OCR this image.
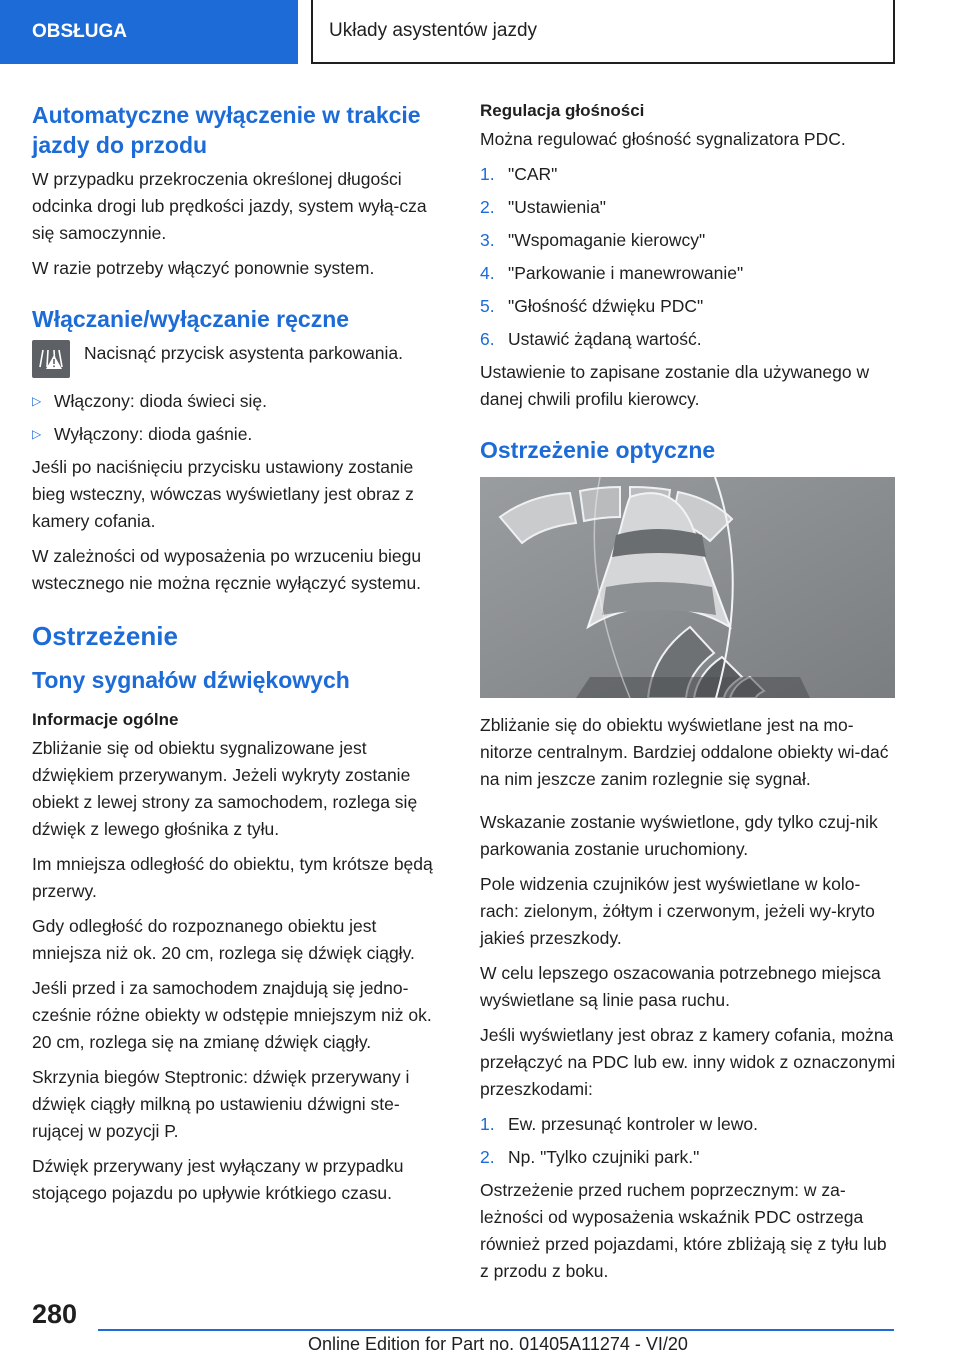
OBSŁUGA	Układy asystentów jazdy
Automatyczne wyłączenie w trakcie jazdy do przodu

W przypadku przekroczenia określonej długości odcinka drogi lub prędkości jazdy, system wyłą‐cza się samoczynnie.

W razie potrzeby włączyć ponownie system.

Włączanie/wyłączanie ręczne

Nacisnąć przycisk asystenta parkowania.

▷ Włączony: dioda świeci się.
▷ Wyłączony: dioda gaśnie.

Jeśli po naciśnięciu przycisku ustawiony zostanie bieg wsteczny, wówczas wyświetlany jest obraz z kamery cofania.

W zależności od wyposażenia po wrzuceniu biegu wstecznego nie można ręcznie wyłączyć systemu.

Ostrzeżenie
Tony sygnałów dźwiękowych
Informacje ogólne

Zbliżanie się od obiektu sygnalizowane jest dźwiękiem przerywanym. Jeżeli wykryty zostanie obiekt z lewej strony za samochodem, rozlega się dźwięk z lewego głośnika z tyłu.

Im mniejsza odległość do obiektu, tym krótsze będą przerwy.

Gdy odległość do rozpoznanego obiektu jest mniejsza niż ok. 20 cm, rozlega się dźwięk ciągły.

Jeśli przed i za samochodem znajdują się jedno‐cześnie różne obiekty w odstępie mniejszym niż ok. 20 cm, rozlega się na zmianę dźwięk ciągły.

Skrzynia biegów Steptronic: dźwięk przerywany i dźwięk ciągły milkną po ustawieniu dźwigni ste‐rującej w pozycji P.

Dźwięk przerywany jest wyłączany w przypadku stojącego pojazdu po upływie krótkiego czasu.

Regulacja głośności

Można regulować głośność sygnalizatora PDC.

1. "CAR"
2. "Ustawienia"
3. "Wspomaganie kierowcy"
4. "Parkowanie i manewrowanie"
5. "Głośność dźwięku PDC"
6. Ustawić żądaną wartość.

Ustawienie to zapisane zostanie dla używanego w danej chwili profilu kierowcy.

Ostrzeżenie optyczne

Zbliżanie się do obiektu wyświetlane jest na mo‐nitorze centralnym. Bardziej oddalone obiekty wi‐dać na nim jeszcze zanim rozlegnie się sygnał.

Wskazanie zostanie wyświetlone, gdy tylko czuj‐nik parkowania zostanie uruchomiony.

Pole widzenia czujników jest wyświetlane w kolo‐rach: zielonym, żółtym i czerwonym, jeżeli wy‐kryto jakieś przeszkody.

W celu lepszego oszacowania potrzebnego miejsca wyświetlane są linie pasa ruchu.

Jeśli wyświetlany jest obraz z kamery cofania, można przełączyć na PDC lub ew. inny widok z oznaczonymi przeszkodami:

1. Ew. przesunąć kontroler w lewo.
2. Np. "Tylko czujniki park."

Ostrzeżenie przed ruchem poprzecznym: w za‐leżności od wyposażenia wskaźnik PDC ostrzega również przed pojazdami, które zbliżają się z tyłu lub z przodu z boku.

280
Online Edition for Part no. 01405A11274 - VI/20
